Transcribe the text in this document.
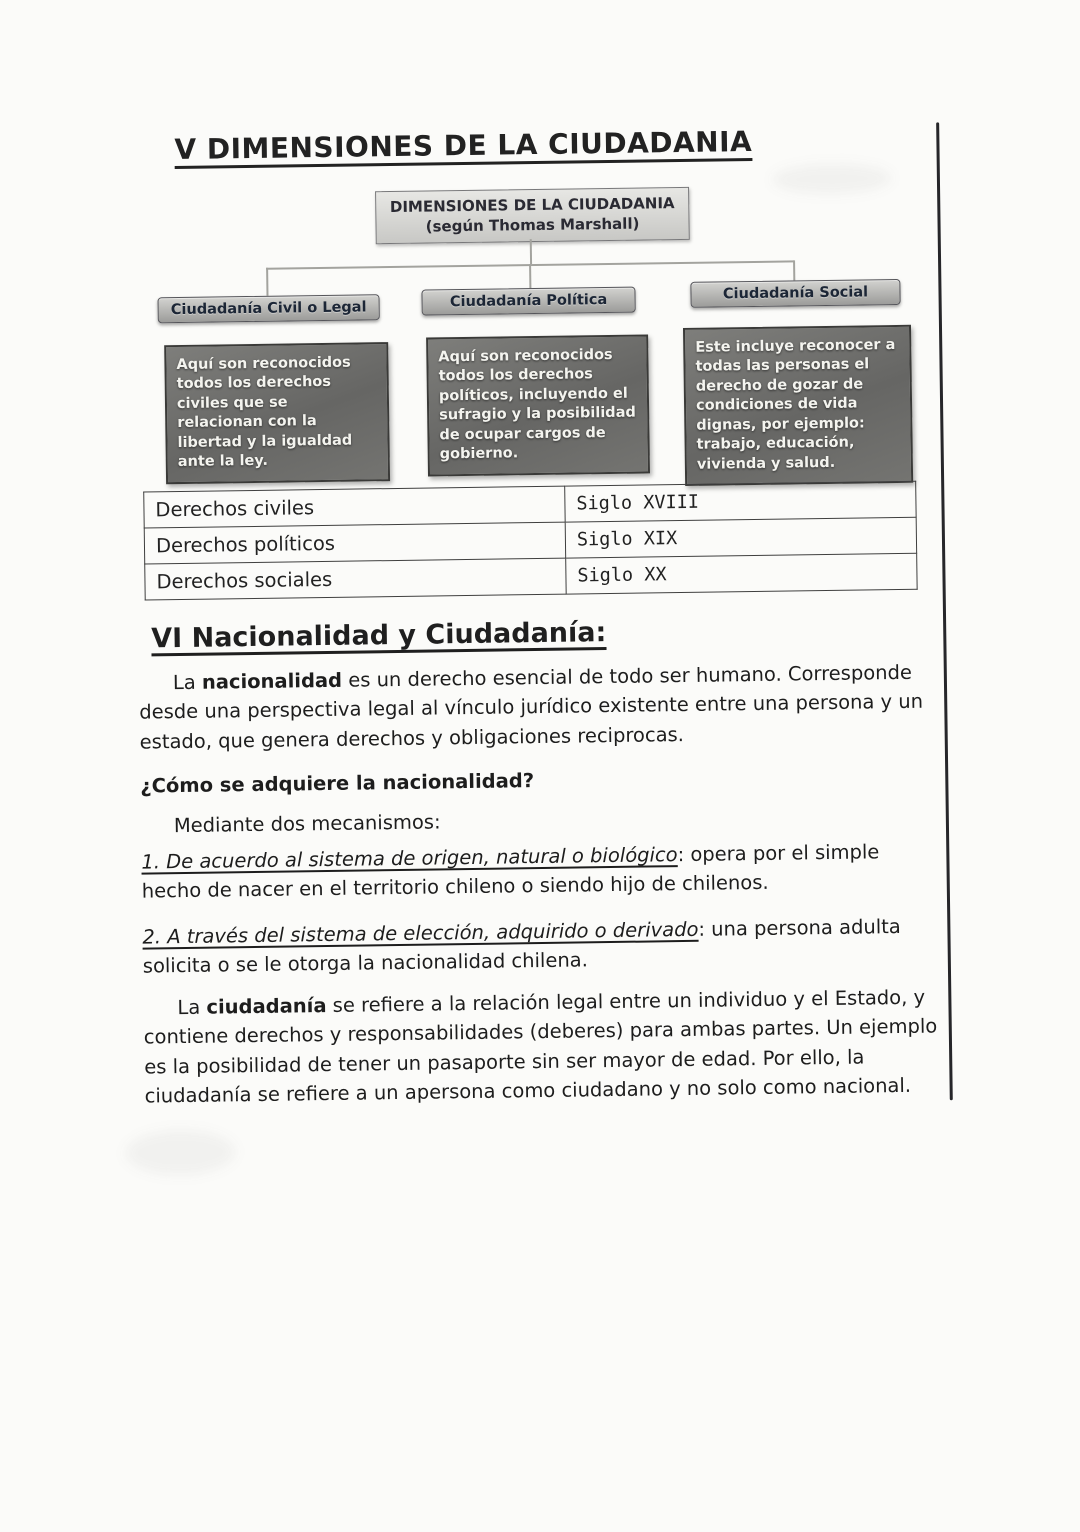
V DIMENSIONES DE LA CIUDADANIA
DIMENSIONES DE LA CIUDADANIA
(según Thomas Marshall)
Ciudadanía Civil o Legal	Ciudadanía Política	Ciudadanía Social
Aquí son reconocidos todos los derechos civiles que se relacionan con la libertad y la igualdad ante la ley.
Aquí son reconocidos todos los derechos políticos, incluyendo el sufragio y la posibilidad de ocupar cargos de gobierno.
Este incluye reconocer a todas las personas el derecho de gozar de condiciones de vida dignas, por ejemplo: trabajo, educación, vivienda y salud.
Derechos civiles	Siglo XVIII
Derechos políticos	Siglo XIX
Derechos sociales	Siglo XX
VI Nacionalidad y Ciudadanía:

La nacionalidad es un derecho esencial de todo ser humano. Corresponde desde una perspectiva legal al vínculo jurídico existente entre una persona y un estado, que genera derechos y obligaciones reciprocas.

¿Cómo se adquiere la nacionalidad?

Mediante dos mecanismos:

1. De acuerdo al sistema de origen, natural o biológico: opera por el simple hecho de nacer en el territorio chileno o siendo hijo de chilenos.

2. A través del sistema de elección, adquirido o derivado: una persona adulta solicita o se le otorga la nacionalidad chilena.

La ciudadanía se refiere a la relación legal entre un individuo y el Estado, y contiene derechos y responsabilidades (deberes) para ambas partes. Un ejemplo es la posibilidad de tener un pasaporte sin ser mayor de edad. Por ello, la ciudadanía se refiere a un apersona como ciudadano y no solo como nacional.
